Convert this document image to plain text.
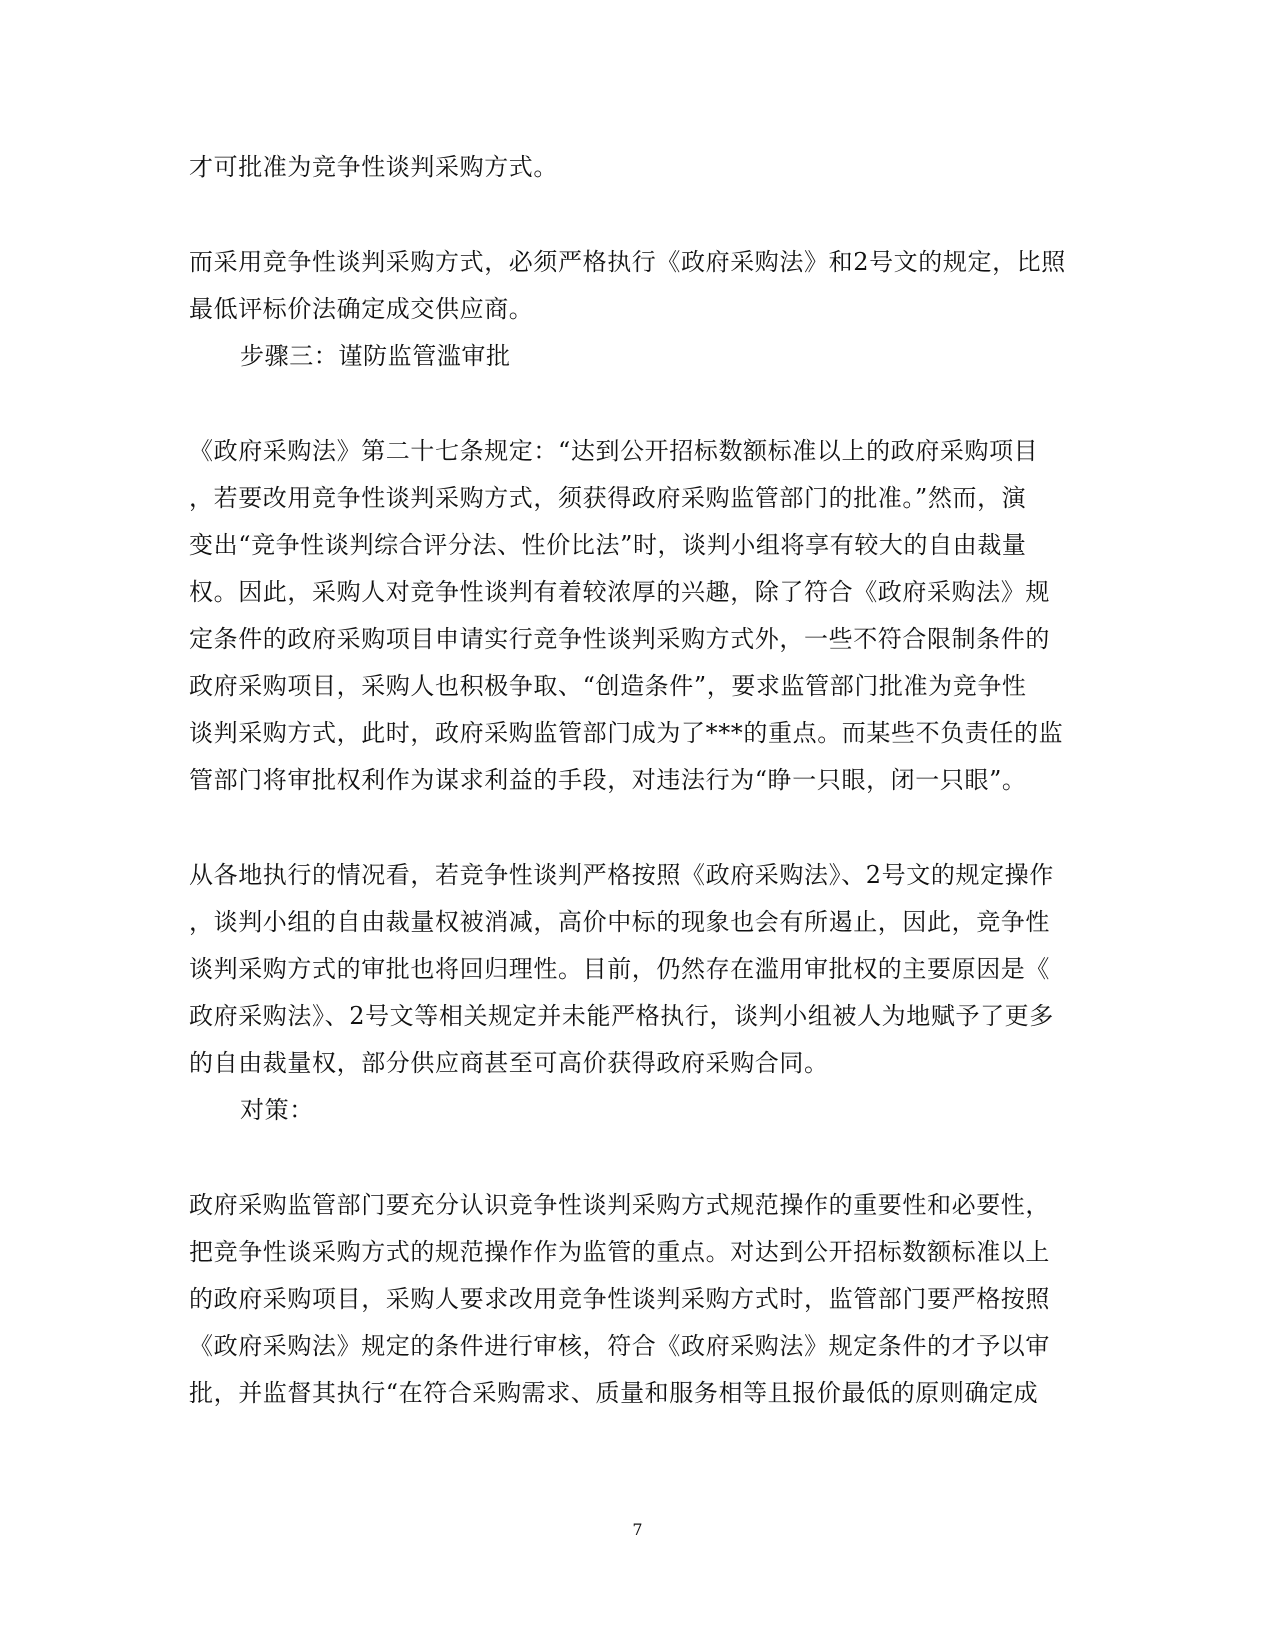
才可批准为竞争性谈判采购方式。
而采用竞争性谈判采购方式，必须严格执行《政府采购法》和2号文的规定，比照
最低评标价法确定成交供应商。
步骤三：谨防监管滥审批
《政府采购法》第二十七条规定：“达到公开招标数额标准以上的政府采购项目
，若要改用竞争性谈判采购方式，须获得政府采购监管部门的批准。”然而，演
变出“竞争性谈判综合评分法、性价比法”时，谈判小组将享有较大的自由裁量
权。因此，采购人对竞争性谈判有着较浓厚的兴趣，除了符合《政府采购法》规
定条件的政府采购项目申请实行竞争性谈判采购方式外，一些不符合限制条件的
政府采购项目，采购人也积极争取、“创造条件”，要求监管部门批准为竞争性
谈判采购方式，此时，政府采购监管部门成为了***的重点。而某些不负责任的监
管部门将审批权利作为谋求利益的手段，对违法行为“睁一只眼，闭一只眼”。
从各地执行的情况看，若竞争性谈判严格按照《政府采购法》、2号文的规定操作
，谈判小组的自由裁量权被消减，高价中标的现象也会有所遏止，因此，竞争性
谈判采购方式的审批也将回归理性。目前，仍然存在滥用审批权的主要原因是《
政府采购法》、2号文等相关规定并未能严格执行，谈判小组被人为地赋予了更多
的自由裁量权，部分供应商甚至可高价获得政府采购合同。
对策：
政府采购监管部门要充分认识竞争性谈判采购方式规范操作的重要性和必要性，
把竞争性谈采购方式的规范操作作为监管的重点。对达到公开招标数额标准以上
的政府采购项目，采购人要求改用竞争性谈判采购方式时，监管部门要严格按照
《政府采购法》规定的条件进行审核，符合《政府采购法》规定条件的才予以审
批，并监督其执行“在符合采购需求、质量和服务相等且报价最低的原则确定成
7
